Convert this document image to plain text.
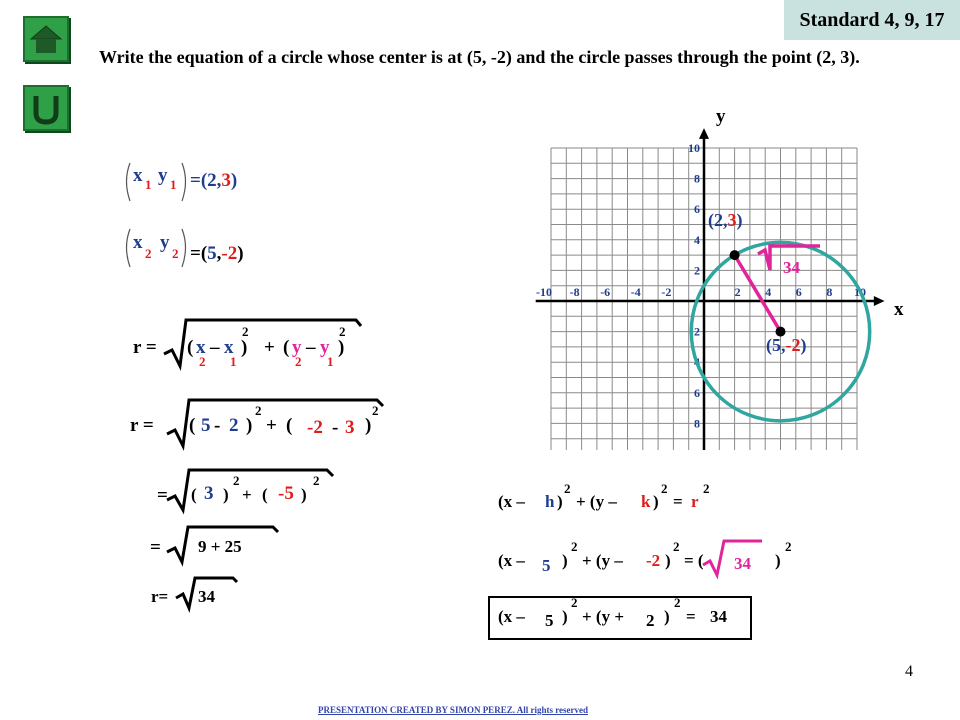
Standard 4, 9, 17
Write the equation of a circle whose center is at (5, -2) and the circle passes through the point (2, 3).
x 1 y 1 =(2,3)
x
2
y
2 =(5,-2)
r = ( x – x )
2
+ ( y – y )
2
2 1	2 1
r = ( 5 - 2 )
2
+ ( -2 - 3 )
2
= ( 3 )
2
+ ( -5 )
2
= 9 + 25
r= 34
-10 -8 -6 -4 -2	2 4 6 8 10
10
8
6
4
2
2
4
6
8
x
y
(2,3)
(5,-2)
34
(x – h )
2
+ (y – k )
2
= r
2
(x – 5 )
2
+ (y – -2 )
2
= ( 34 )
2
(x – 5 )
2
+ (y + 2 )
2
= 34
4
PRESENTATION CREATED BY SIMON PEREZ. All rights reserved
